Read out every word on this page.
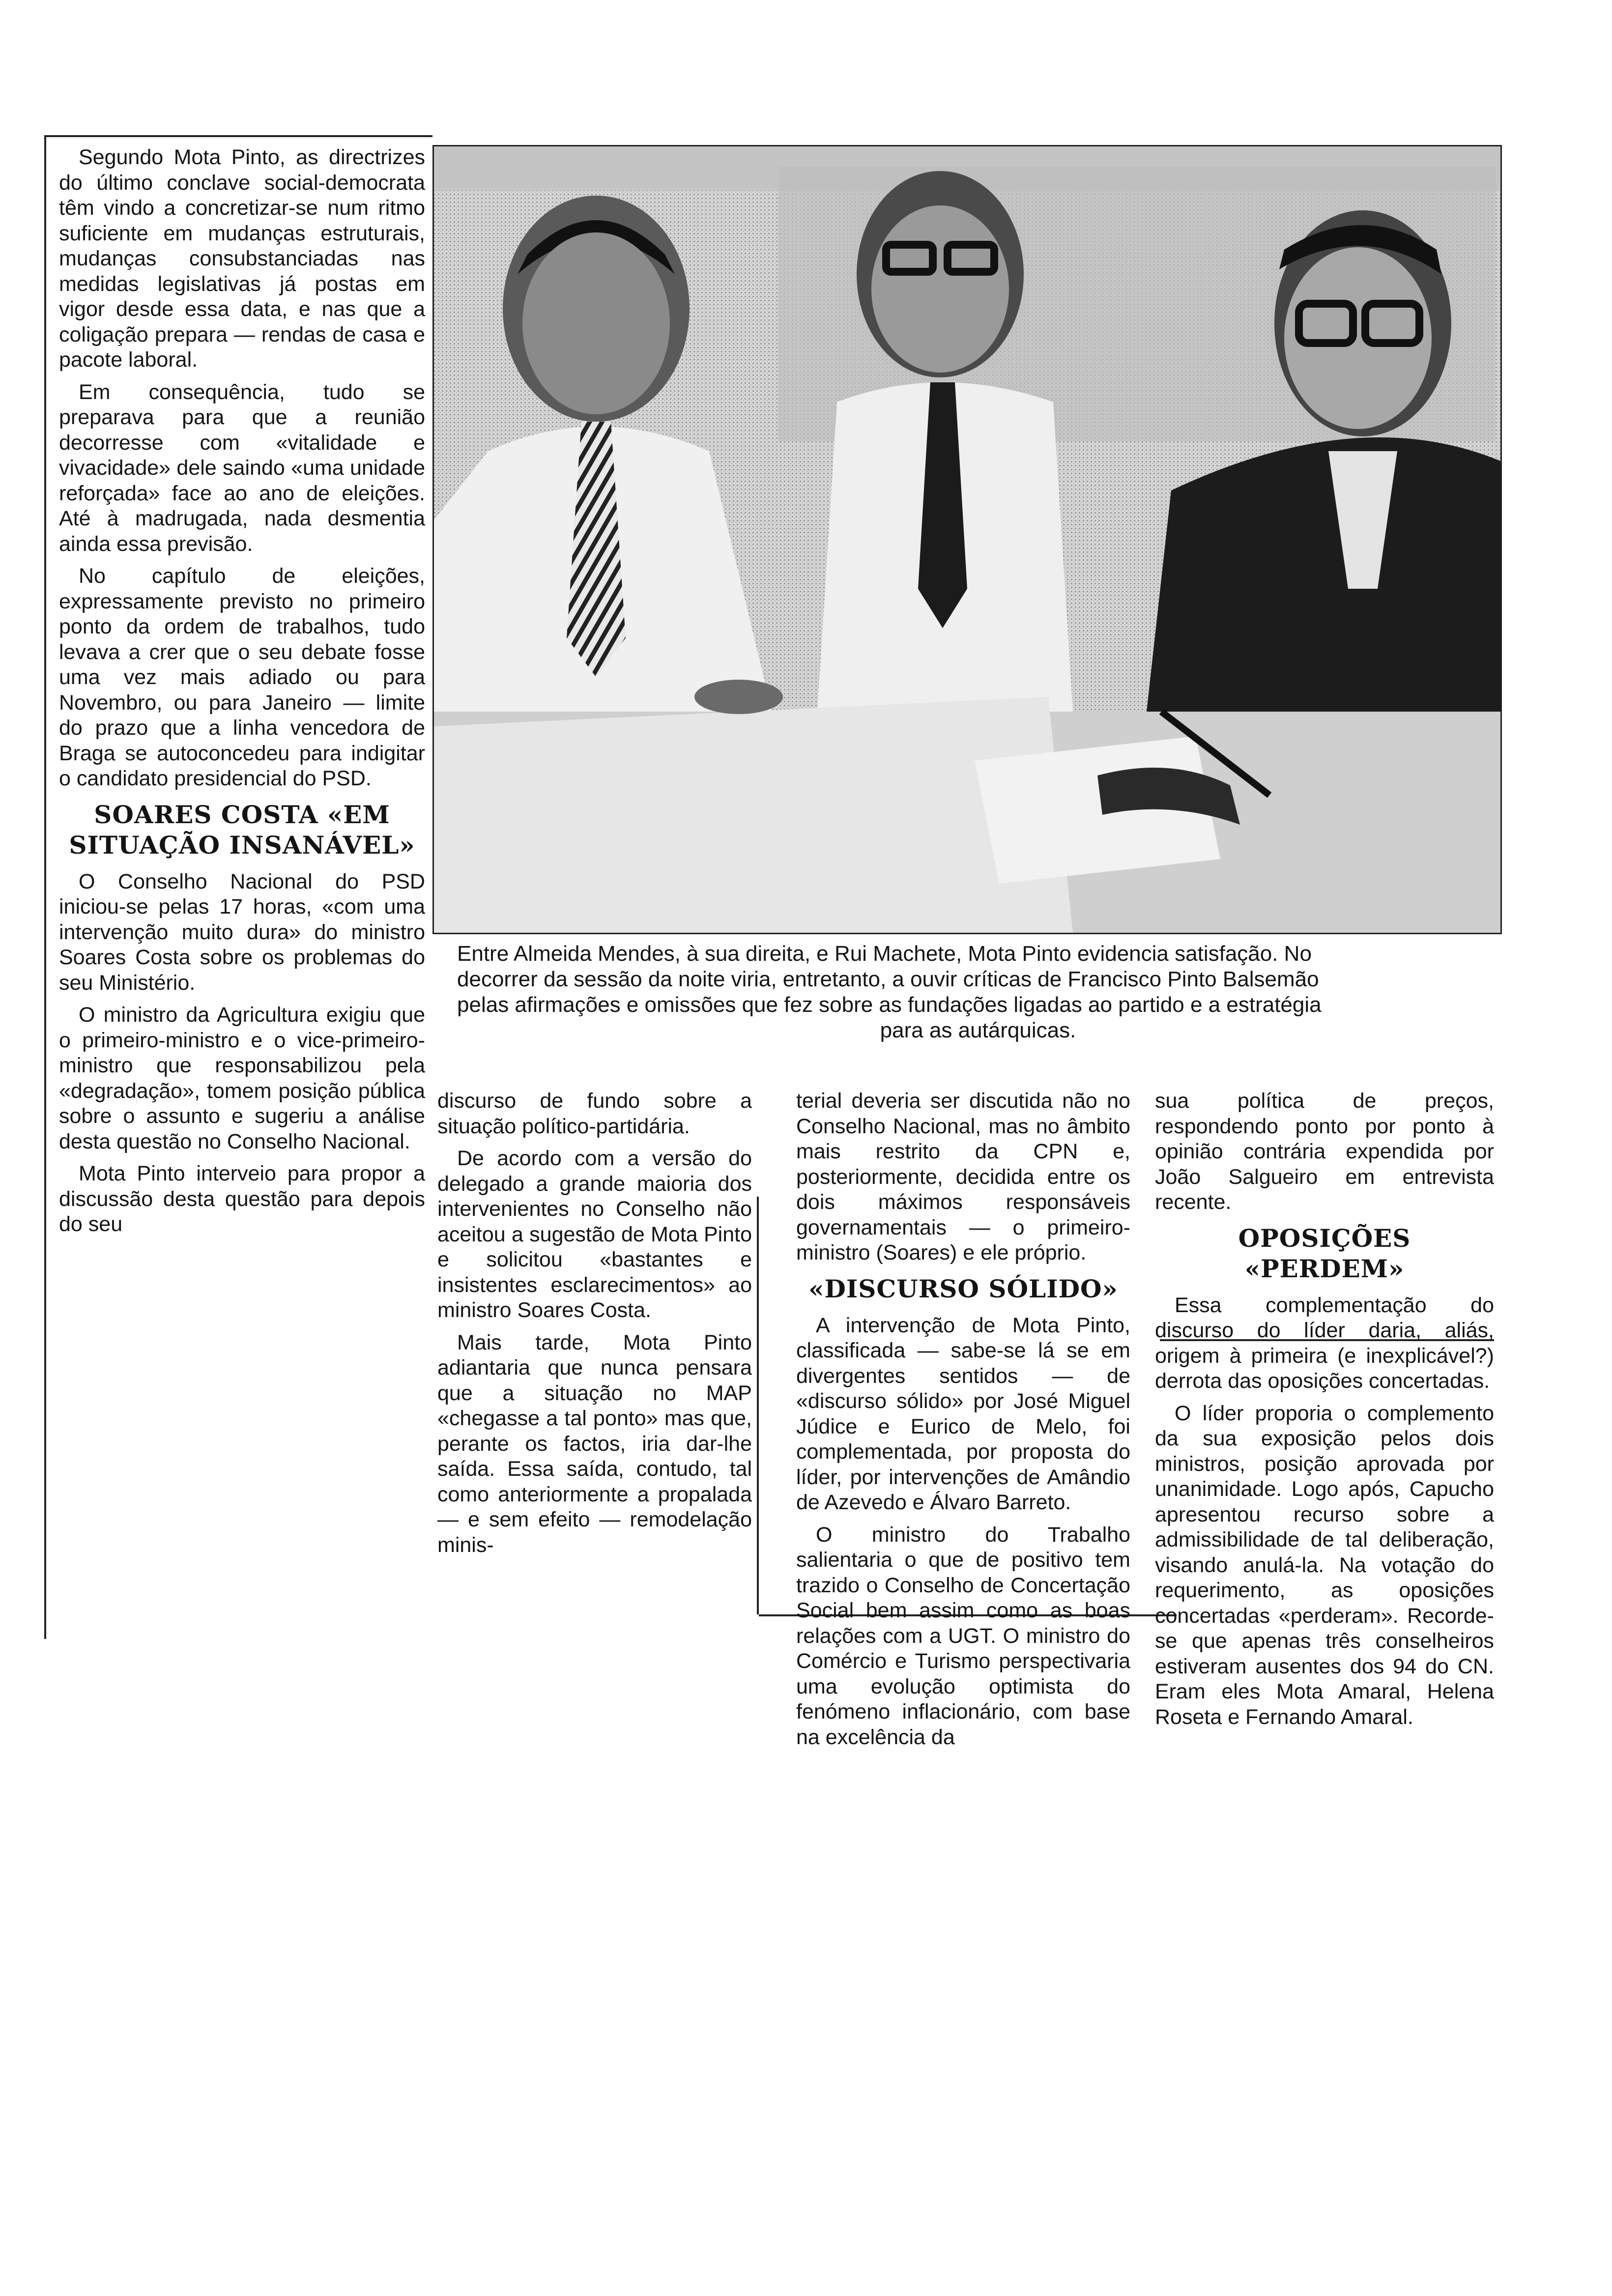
Entre Almeida Mendes, à sua direita, e Rui Machete, Mota Pinto evidencia satisfação. No
decorrer da sessão da noite viria, entretanto, a ouvir críticas de Francisco Pinto Balsemão
pelas afirmações e omissões que fez sobre as fundações ligadas ao partido e a estratégia
para as autárquicas.

Segundo Mota Pinto, as directrizes do último conclave social-democrata têm vindo a concretizar-se num ritmo suficiente em mudanças estruturais, mudanças consubstanciadas nas medidas legislativas já postas em vigor desde essa data, e nas que a coligação prepara — rendas de casa e pacote laboral.

Em consequência, tudo se preparava para que a reunião decorresse com «vitalidade e vivacidade» dele saindo «uma unidade reforçada» face ao ano de eleições. Até à madrugada, nada desmentia ainda essa previsão.

No capítulo de eleições, expressamente previsto no primeiro ponto da ordem de trabalhos, tudo levava a crer que o seu debate fosse uma vez mais adiado ou para Novembro, ou para Janeiro — limite do prazo que a linha vencedora de Braga se autoconcedeu para indigitar o candidato presidencial do PSD.

SOARES COSTA «EM SITUAÇÃO INSANÁVEL»

O Conselho Nacional do PSD iniciou-se pelas 17 horas, «com uma intervenção muito dura» do ministro Soares Costa sobre os problemas do seu Ministério.

O ministro da Agricultura exigiu que o primeiro-ministro e o vice-primeiro-ministro que responsabilizou pela «degradação», tomem posição pública sobre o assunto e sugeriu a análise desta questão no Conselho Nacional.

Mota Pinto interveio para propor a discussão desta questão para depois do seu

discurso de fundo sobre a situação político-partidária.

De acordo com a versão do delegado a grande maioria dos intervenientes no Conselho não aceitou a sugestão de Mota Pinto e solicitou «bastantes e insistentes esclarecimentos» ao ministro Soares Costa.

Mais tarde, Mota Pinto adiantaria que nunca pensara que a situação no MAP «chegasse a tal ponto» mas que, perante os factos, iria dar-lhe saída. Essa saída, contudo, tal como anteriormente a propalada — e sem efeito — remodelação minis-

terial deveria ser discutida não no Conselho Nacional, mas no âmbito mais restrito da CPN e, posteriormente, decidida entre os dois máximos responsáveis governamentais — o primeiro-ministro (Soares) e ele próprio.

«DISCURSO SÓLIDO»

A intervenção de Mota Pinto, classificada — sabe-se lá se em divergentes sentidos — de «discurso sólido» por José Miguel Júdice e Eurico de Melo, foi complementada, por proposta do líder, por intervenções de Amândio de Azevedo e Álvaro Barreto.

O ministro do Trabalho salientaria o que de positivo tem trazido o Conselho de Concertação Social bem assim como as boas relações com a UGT. O ministro do Comércio e Turismo perspectivaria uma evolução optimista do fenómeno inflacionário, com base na excelência da

sua política de preços, respondendo ponto por ponto à opinião contrária expendida por João Salgueiro em entrevista recente.

OPOSIÇÕES «PERDEM»

Essa complementação do discurso do líder daria, aliás, origem à primeira (e inexplicável?) derrota das oposições concertadas.

O líder proporia o complemento da sua exposição pelos dois ministros, posição aprovada por unanimidade. Logo após, Capucho apresentou recurso sobre a admissibilidade de tal deliberação, visando anulá-la. Na votação do requerimento, as oposições concertadas «perderam». Recorde-se que apenas três conselheiros estiveram ausentes dos 94 do CN. Eram eles Mota Amaral, Helena Roseta e Fernando Amaral.
